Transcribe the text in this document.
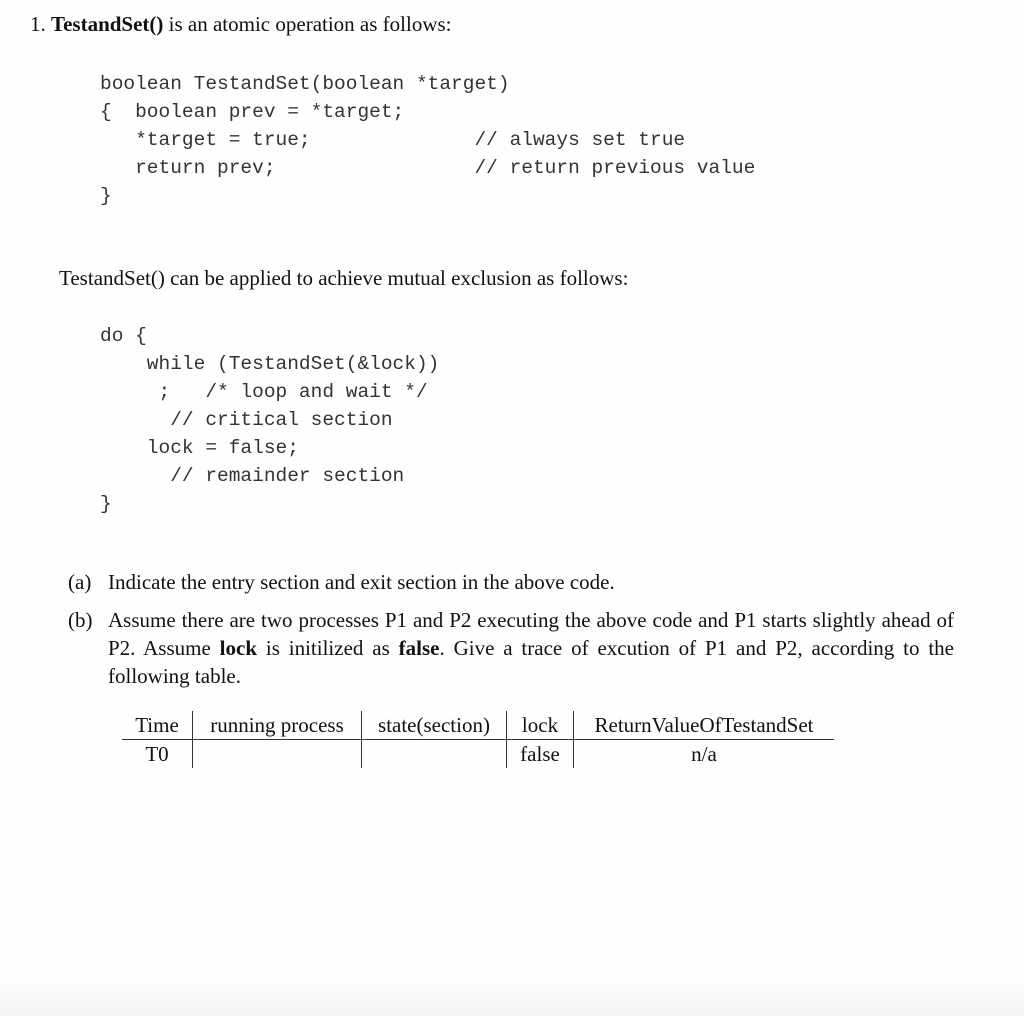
1. TestandSet() is an atomic operation as follows:
boolean TestandSet(boolean *target)
{  boolean prev = *target;
*target = true;              // always set true
return prev;                 // return previous value
}
TestandSet() can be applied to achieve mutual exclusion as follows:
do {
while (TestandSet(&lock))
;   /* loop and wait */
// critical section
lock = false;
// remainder section
}
(a) Indicate the entry section and exit section in the above code.
(b) Assume there are two processes P1 and P2 executing the above code and P1 starts slightly ahead of P2. Assume lock is initilized as false. Give a trace of excution of P1 and P2, according to the following table.
Time	running process	state(section)	lock	ReturnValueOfTestandSet
T0			false	n/a
